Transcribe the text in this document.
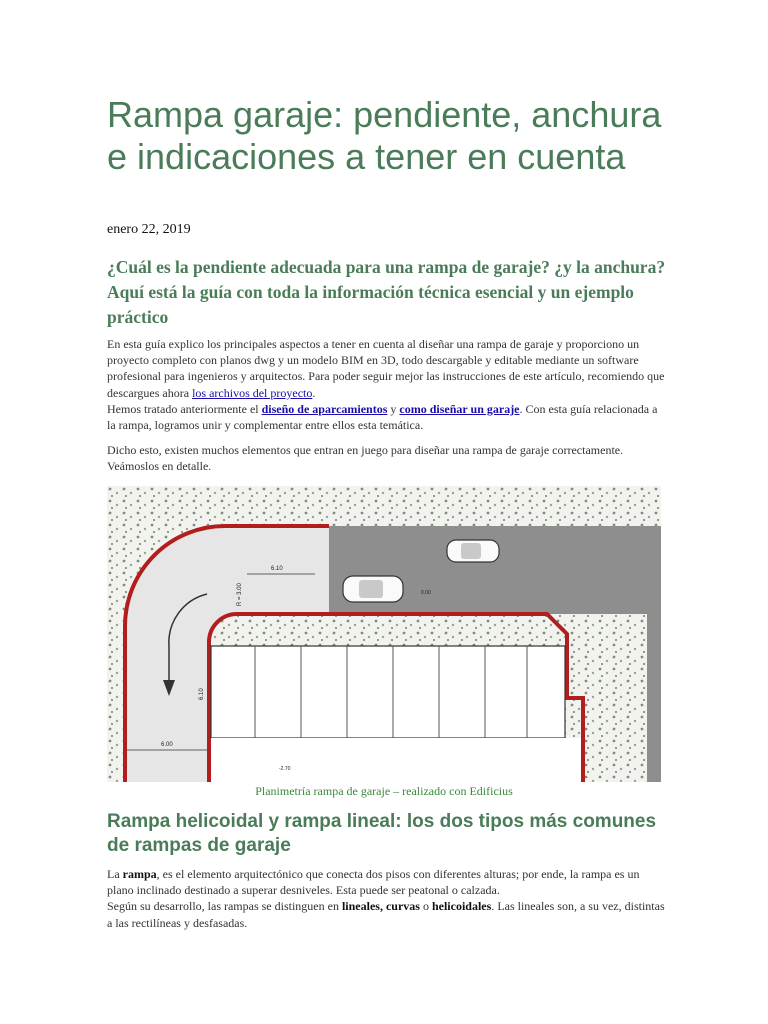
Rampa garaje: pendiente, anchura e indicaciones a tener en cuenta
enero 22, 2019

¿Cuál es la pendiente adecuada para una rampa de garaje? ¿y la anchura? Aquí está la guía con toda la información técnica esencial y un ejemplo práctico

En esta guía explico los principales aspectos a tener en cuenta al diseñar una rampa de garaje y proporciono un proyecto completo con planos dwg y un modelo BIM en 3D, todo descargable y editable mediante un software profesional para ingenieros y arquitectos. Para poder seguir mejor las instrucciones de este artículo, recomiendo que descargues ahora los archivos del proyecto.
Hemos tratado anteriormente el diseño de aparcamientos y como diseñar un garaje. Con esta guía relacionada a la rampa, logramos unir y complementar entre ellos esta temática.

Dicho esto, existen muchos elementos que entran en juego para diseñar una rampa de garaje correctamente. Veámoslos en detalle.

6.10
R = 3.00
6.10
6.00
0.00
-2.70
Planimetría rampa de garaje – realizado con Edificius
Rampa helicoidal y rampa lineal: los dos tipos más comunes de rampas de garaje

La rampa, es el elemento arquitectónico que conecta dos pisos con diferentes alturas; por ende, la rampa es un plano inclinado destinado a superar desniveles. Esta puede ser peatonal o calzada.
Según su desarrollo, las rampas se distinguen en lineales, curvas o helicoidales. Las lineales son, a su vez, distintas a las rectilíneas y desfasadas.
